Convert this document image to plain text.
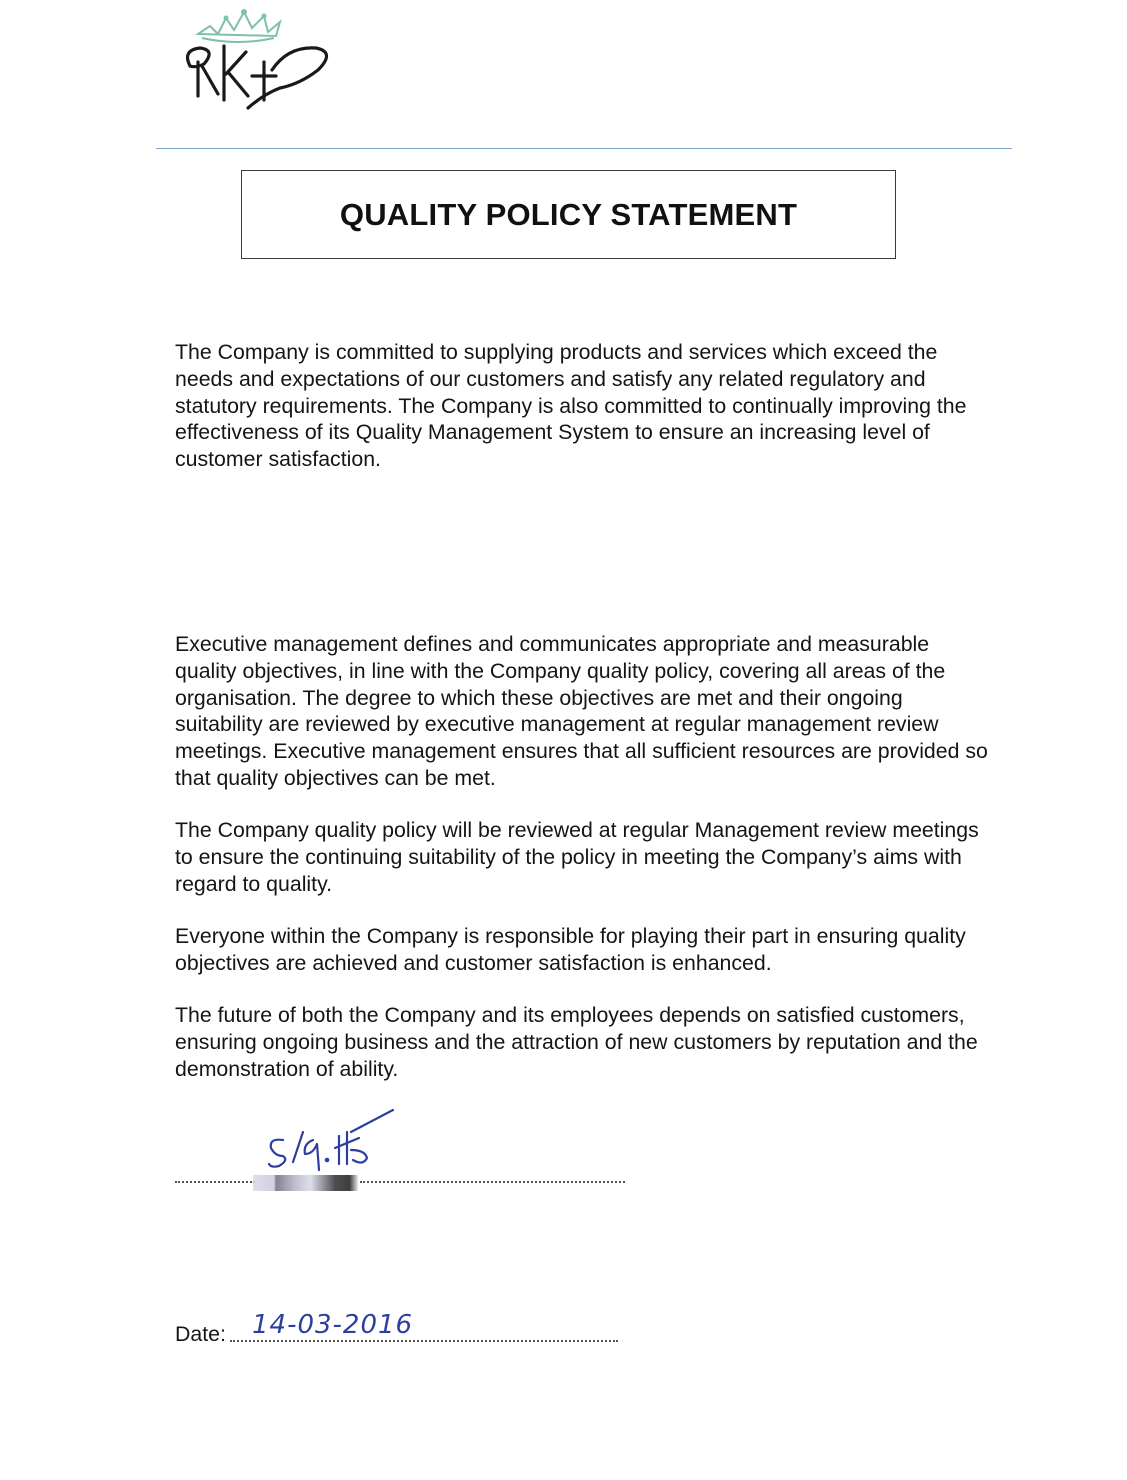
QUALITY POLICY STATEMENT

The Company is committed to supplying products and services which exceed the needs and expectations of our customers and satisfy any related regulatory and statutory requirements. The Company is also committed to continually improving the effectiveness of its Quality Management System to ensure an increasing level of customer satisfaction.

Executive management defines and communicates appropriate and measurable quality objectives, in line with the Company quality policy, covering all areas of the organisation. The degree to which these objectives are met and their ongoing suitability are reviewed by executive management at regular management review meetings. Executive management ensures that all sufficient resources are provided so that quality objectives can be met.

The Company quality policy will be reviewed at regular Management review meetings to ensure the continuing suitability of the policy in meeting the Company’s aims with regard to quality.

Everyone within the Company is responsible for playing their part in ensuring quality objectives are achieved and customer satisfaction is enhanced.

The future of both the Company and its employees depends on satisfied customers, ensuring ongoing business and the attraction of new customers by reputation and the demonstration of ability.

Date: 14-03-2016
